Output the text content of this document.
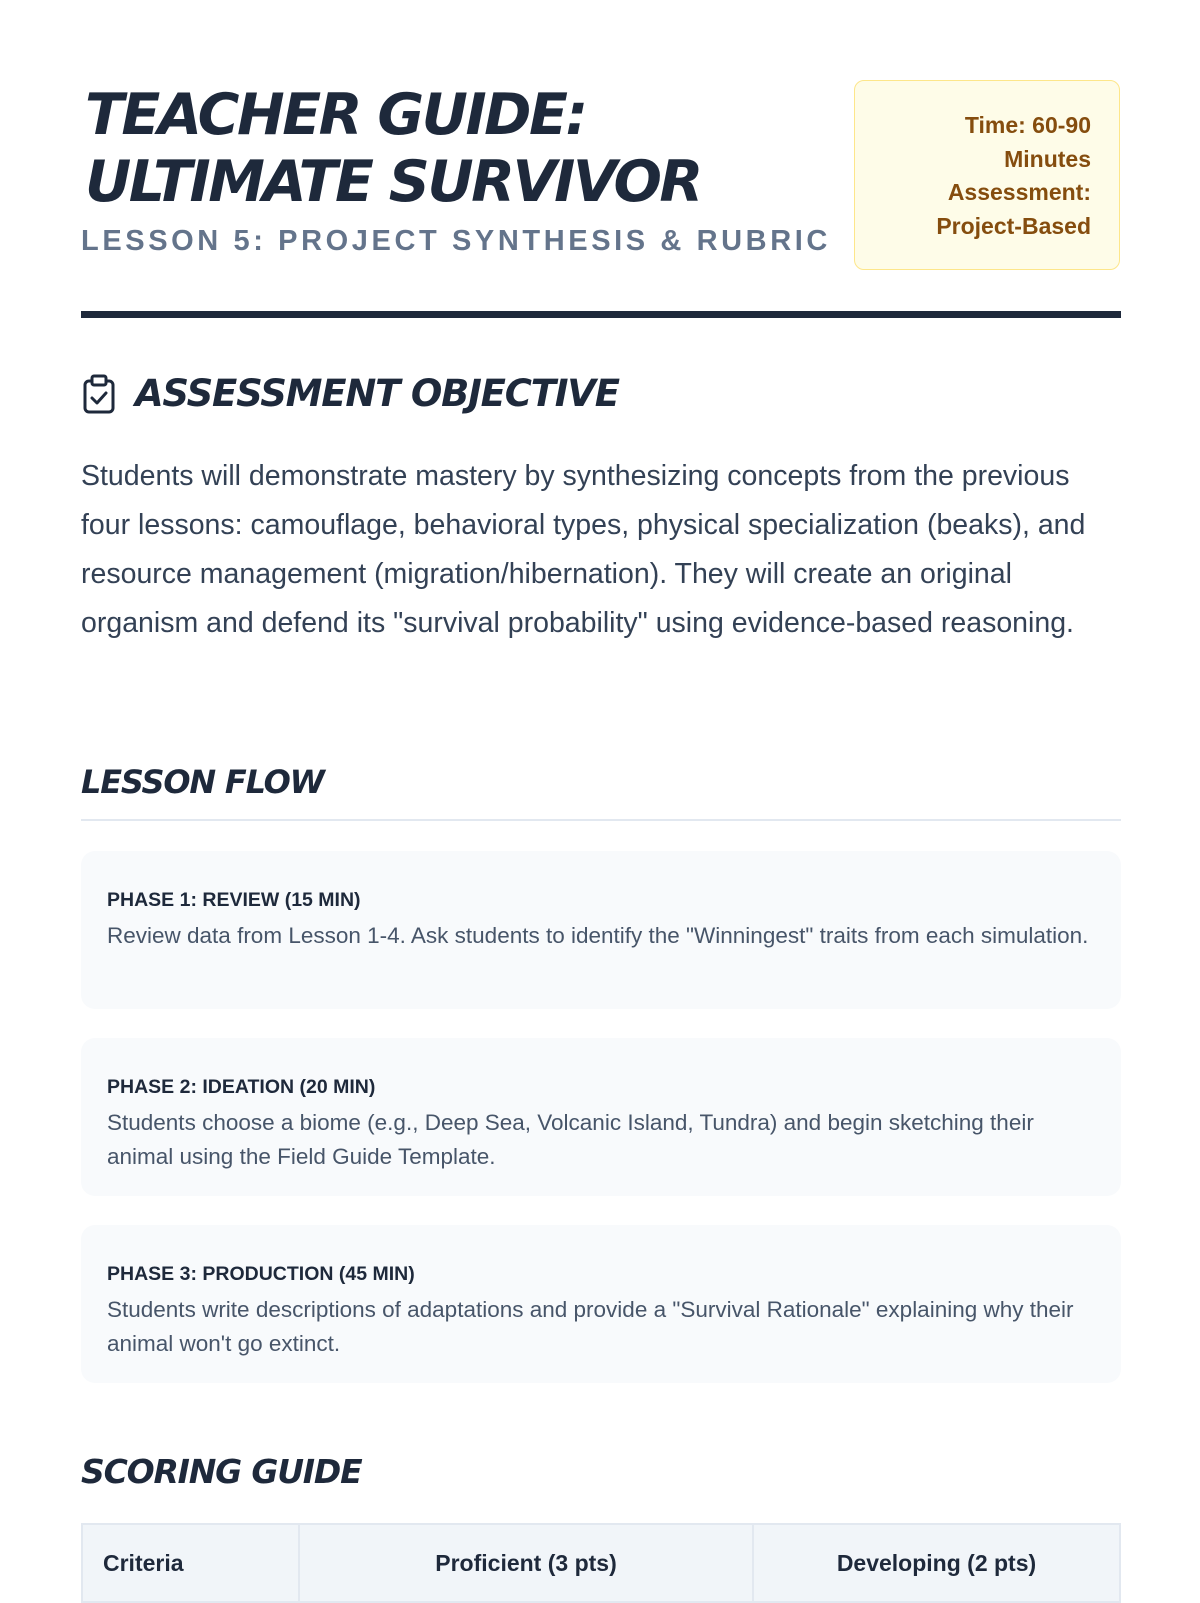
TEACHER GUIDE:
ULTIMATE SURVIVOR
LESSON 5: PROJECT SYNTHESIS & RUBRIC
Time: 60-90
Minutes
Assessment:
Project-Based
ASSESSMENT OBJECTIVE

Students will demonstrate mastery by synthesizing concepts from the previous four lessons: camouflage, behavioral types, physical specialization (beaks), and resource management (migration/hibernation). They will create an original organism and defend its "survival probability" using evidence-based reasoning.

LESSON FLOW

PHASE 1: REVIEW (15 MIN)

Review data from Lesson 1-4. Ask students to identify the "Winningest" traits from each simulation.

PHASE 2: IDEATION (20 MIN)

Students choose a biome (e.g., Deep Sea, Volcanic Island, Tundra) and begin sketching their animal using the Field Guide Template.

PHASE 3: PRODUCTION (45 MIN)

Students write descriptions of adaptations and provide a "Survival Rationale" explaining why their animal won't go extinct.

SCORING GUIDE
Criteria	Proficient (3 pts)	Developing (2 pts)
